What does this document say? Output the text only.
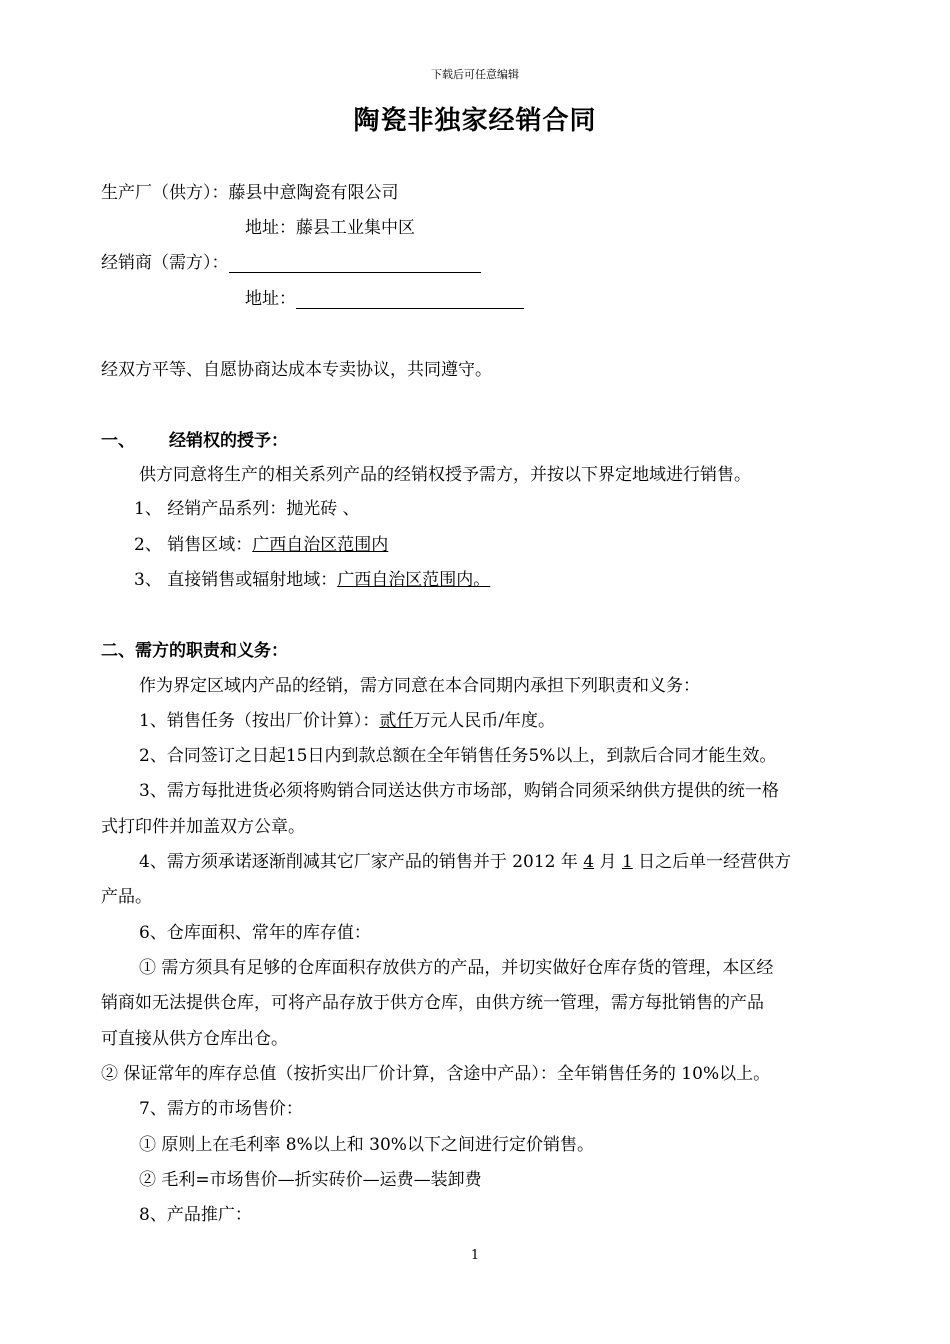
下载后可任意编辑
陶瓷非独家经销合同
生产厂（供方）：藤县中意陶瓷有限公司
地址：藤县工业集中区
经销商（需方）：
地址：
经双方平等、自愿协商达成本专卖协议，共同遵守。
一、 经销权的授予：
供方同意将生产的相关系列产品的经销权授予需方，并按以下界定地域进行销售。
1、 经销产品系列：抛光砖 、
2、 销售区域：广西自治区范围内
3、 直接销售或辐射地域：广西自治区范围内。
二、需方的职责和义务：
作为界定区域内产品的经销，需方同意在本合同期内承担下列职责和义务：
1、销售任务（按出厂价计算）：贰仟万元人民币/年度。
2、合同签订之日起15日内到款总额在全年销售任务5%以上，到款后合同才能生效。
3、需方每批进货必须将购销合同送达供方市场部，购销合同须采纳供方提供的统一格
式打印件并加盖双方公章。
4、需方须承诺逐渐削减其它厂家产品的销售并于 2012 年 4 月 1 日之后单一经营供方
产品。
6、仓库面积、常年的库存值：
① 需方须具有足够的仓库面积存放供方的产品，并切实做好仓库存货的管理，本区经
销商如无法提供仓库，可将产品存放于供方仓库，由供方统一管理，需方每批销售的产品
可直接从供方仓库出仓。
② 保证常年的库存总值（按折实出厂价计算，含途中产品）：全年销售任务的 10%以上。
7、需方的市场售价：
① 原则上在毛利率 8%以上和 30%以下之间进行定价销售。
② 毛利=市场售价—折实砖价—运费—装卸费
8、产品推广：
1
